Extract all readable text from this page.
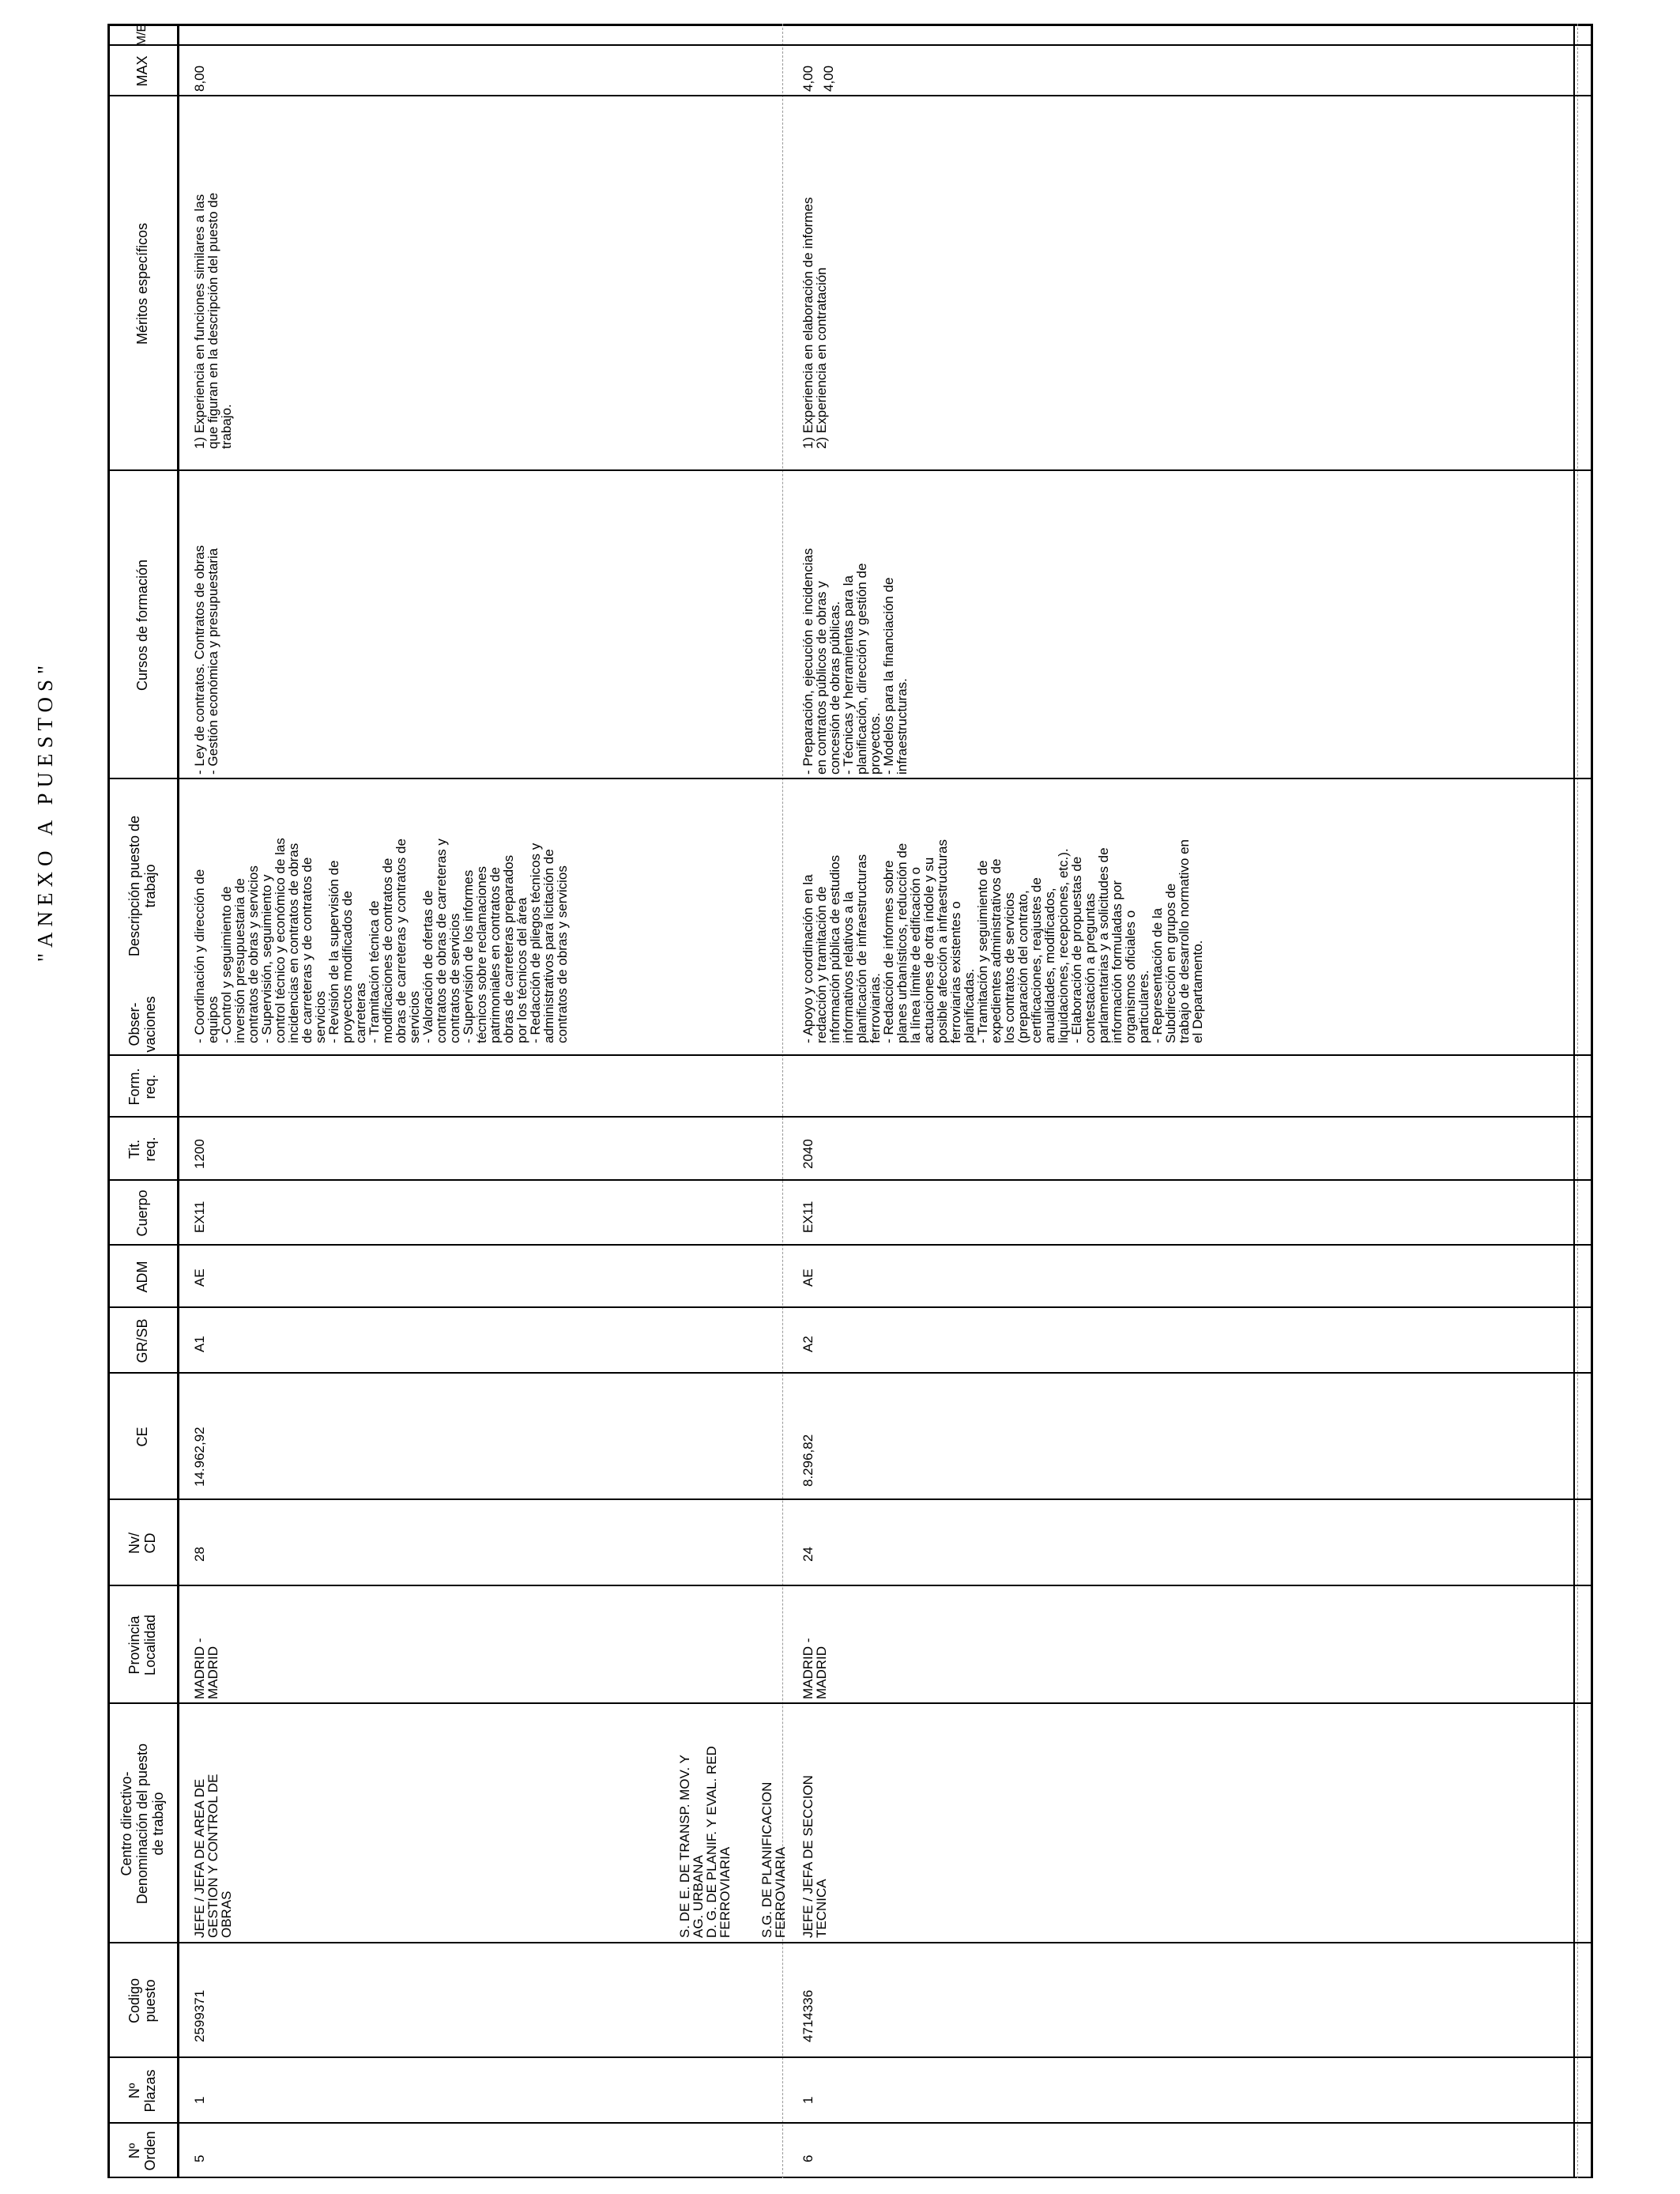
"ANEXO A PUESTOS"
Nº
Orden
Nº
Plazas
Codigo
puesto
Centro directivo-
Denominación del puesto
de trabajo
Provincia
Localidad
Nv/
CD
CE
GR/SB
ADM
Cuerpo
Tit.
req.
Form.
req.
Obser-
vaciones
Descripción puesto de
trabajo
Cursos de formación
Méritos específicos
MAX
M/E
5
1
2599371
JEFE / JEFA DE AREA DE
GESTION Y CONTROL DE
OBRAS
MADRID -
MADRID
28
14.962,92
A1
AE
EX11
1200
- Coordinación y dirección de
equipos
- Control y seguimiento de
inversión presupuestaria de
contratos de obras y servicios
- Supervisión, seguimiento y
control técnico y económico de las
incidencias en contratos de obras
de carreteras y de contratos de
servicios
- Revisión de la supervisión de
proyectos modificados de
carreteras
- Tramitación técnica de
modificaciones de contratos de
obras de carreteras y contratos de
servicios
- Valoración de ofertas de
contratos de obras de carreteras y
contratos de servicios
- Supervisión de los informes
técnicos sobre reclamaciones
patrimoniales en contratos de
obras de carreteras preparados
por los técnicos del área
- Redacción de pliegos técnicos y
administrativos para licitación de
contratos de obras y servicios
- Ley de contratos. Contratos de obras
- Gestión económica y presupuestaria
1) Experiencia en funciones similares a las
que figuran en la descripción del puesto de
trabajo.
8,00
S. DE E. DE TRANSP. MOV. Y
AG. URBANA
D. G. DE PLANIF. Y EVAL. RED
FERROVIARIA S.G. DE PLANIFICACION
FERROVIARIA
6
1
4714336
JEFE / JEFA DE SECCION
TECNICA
MADRID -
MADRID
24
8.296,82
A2
AE
EX11
2040
- Apoyo y coordinación en la
redacción y tramitación de
información pública de estudios
informativos relativos a la
planificación de infraestructuras
ferroviarias.
- Redacción de informes sobre
planes urbanísticos, reducción de
la línea límite de edificación o
actuaciones de otra índole y su
posible afección a infraestructuras
ferroviarias existentes o
planificadas.
- Tramitación y seguimiento de
expedientes administrativos de
los contratos de servicios
(preparación del contrato,
certificaciones, reajustes de
anualidades, modificados,
liquidaciones, recepciones, etc.).
- Elaboración de propuestas de
contestación a preguntas
parlamentarias y a solicitudes de
información formuladas por
organismos oficiales o
particulares.
- Representación de la
Subdirección en grupos de
trabajo de desarrollo normativo en
el Departamento.
- Preparación, ejecución e incidencias
en contratos públicos de obras y
concesión de obras públicas.
- Técnicas y herramientas para la
planificación, dirección y gestión de
proyectos.
- Modelos para la financiación de
infraestructuras.
1) Experiencia en elaboración de informes
2) Experiencia en contratación
4,00 4,00
